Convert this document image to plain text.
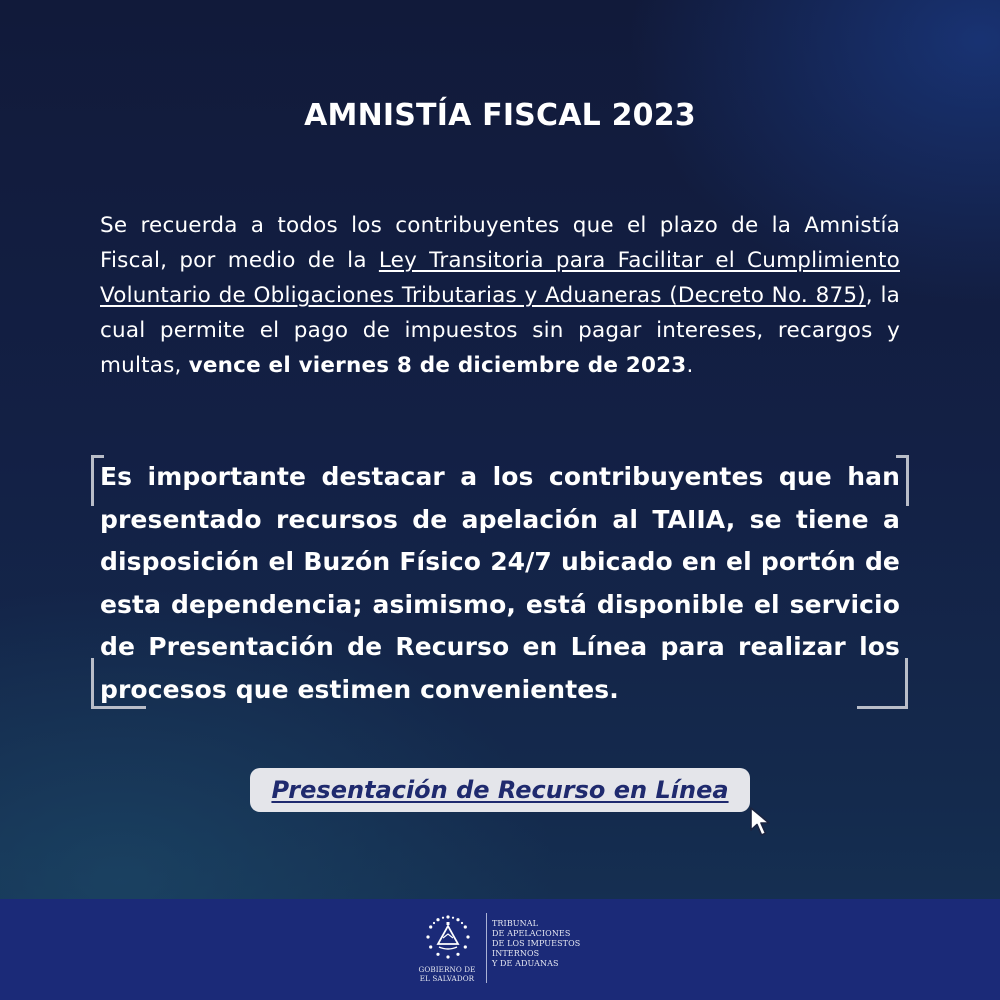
AMNISTÍA FISCAL 2023
Se recuerda a todos los contribuyentes que el plazo de la Amnistía Fiscal, por medio de la Ley Transitoria para Facilitar el Cumplimiento Voluntario de Obligaciones Tributarias y Aduaneras (Decreto No. 875), la cual permite el pago de impuestos sin pagar intereses, recargos y multas, vence el viernes 8 de diciembre de 2023.
Es importante destacar a los contribuyentes que han presentado recursos de apelación al TAIIA, se tiene a disposición el Buzón Físico 24/7 ubicado en el portón de esta dependencia; asimismo, está disponible el servicio de Presentación de Recurso en Línea para realizar los procesos que estimen convenientes.
Presentación de Recurso en Línea
GOBIERNO DE
EL SALVADOR
TRIBUNAL
DE APELACIONES
DE LOS IMPUESTOS
INTERNOS
Y DE ADUANAS
